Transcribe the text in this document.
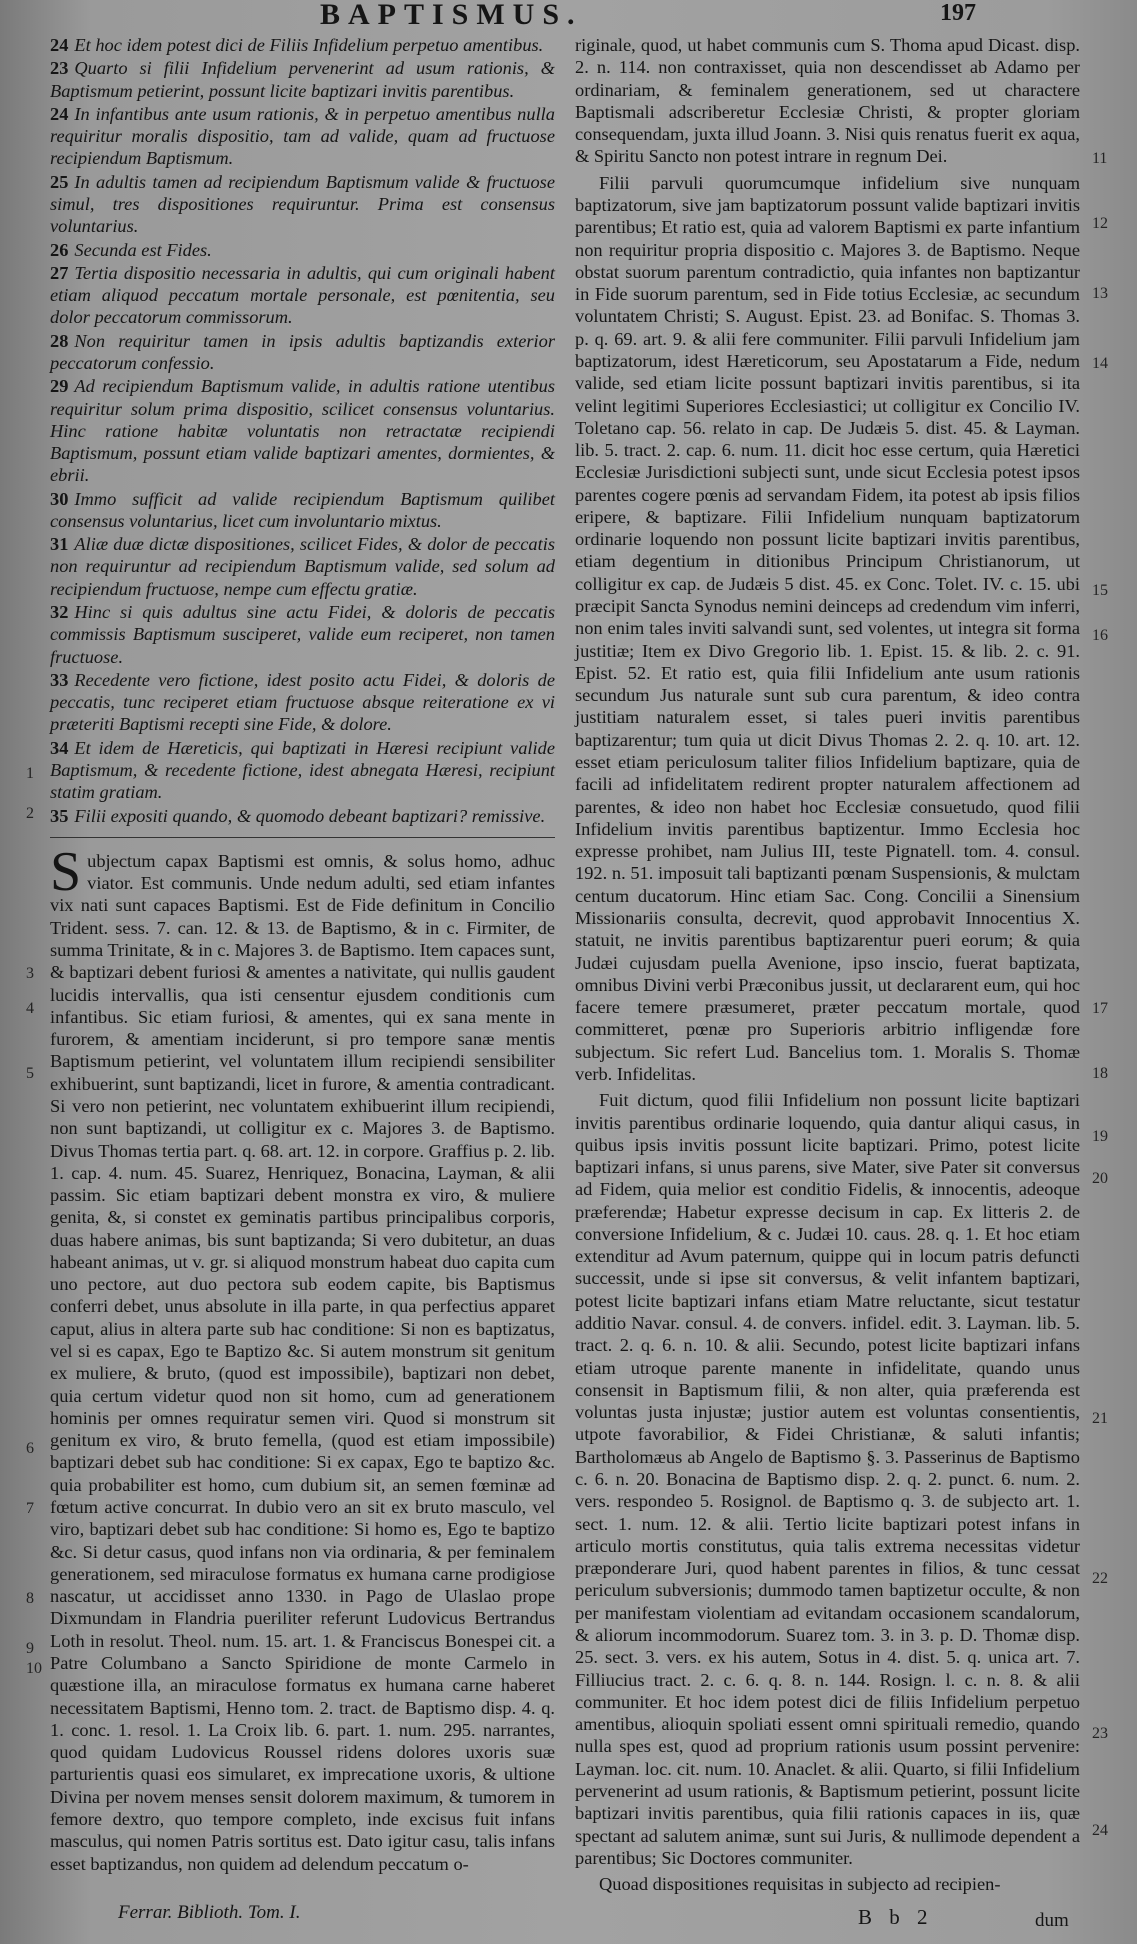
BAPTISMUS.	197

24 Et hoc idem potest dici de Filiis Infidelium perpetuo amentibus.

23 Quarto si filii Infidelium pervenerint ad usum rationis, & Baptismum petierint, possunt licite baptizari invitis parentibus.

24 In infantibus ante usum rationis, & in perpetuo amentibus nulla requiritur moralis dispositio, tam ad valide, quam ad fructuose recipiendum Baptismum.

25 In adultis tamen ad recipiendum Baptismum valide & fructuose simul, tres dispositiones requiruntur. Prima est consensus voluntarius.

26 Secunda est Fides.

27 Tertia dispositio necessaria in adultis, qui cum originali habent etiam aliquod peccatum mortale personale, est pœnitentia, seu dolor peccatorum commissorum.

28 Non requiritur tamen in ipsis adultis baptizandis exterior peccatorum confessio.

29 Ad recipiendum Baptismum valide, in adultis ratione utentibus requiritur solum prima dispositio, scilicet consensus voluntarius. Hinc ratione habitæ voluntatis non retractatæ recipiendi Baptismum, possunt etiam valide baptizari amentes, dormientes, & ebrii.

30 Immo sufficit ad valide recipiendum Baptismum quilibet consensus voluntarius, licet cum involuntario mixtus.

31 Aliæ duæ dictæ dispositiones, scilicet Fides, & dolor de peccatis non requiruntur ad recipiendum Baptismum valide, sed solum ad recipiendum fructuose, nempe cum effectu gratiæ.

32 Hinc si quis adultus sine actu Fidei, & doloris de peccatis commissis Baptismum susciperet, valide eum reciperet, non tamen fructuose.

33 Recedente vero fictione, idest posito actu Fidei, & doloris de peccatis, tunc reciperet etiam fructuose absque reiteratione ex vi præteriti Baptismi recepti sine Fide, & dolore.

34 Et idem de Hæreticis, qui baptizati in Hæresi recipiunt valide Baptismum, & recedente fictione, idest abnegata Hæresi, recipiunt statim gratiam.

35 Filii expositi quando, & quomodo debeant baptizari? remissive.

Subjectum capax Baptismi est omnis, & solus homo, adhuc viator. Est communis. Unde nedum adulti, sed etiam infantes vix nati sunt capaces Baptismi. Est de Fide definitum in Concilio Trident. sess. 7. can. 12. & 13. de Baptismo, & in c. Firmiter, de summa Trinitate, & in c. Majores 3. de Baptismo. Item capaces sunt, & baptizari debent furiosi & amentes a nativitate, qui nullis gaudent lucidis intervallis, qua isti censentur ejusdem conditionis cum infantibus. Sic etiam furiosi, & amentes, qui ex sana mente in furorem, & amentiam inciderunt, si pro tempore sanæ mentis Baptismum petierint, vel voluntatem illum recipiendi sensibiliter exhibuerint, sunt baptizandi, licet in furore, & amentia contradicant. Si vero non petierint, nec voluntatem exhibuerint illum recipiendi, non sunt baptizandi, ut colligitur ex c. Majores 3. de Baptismo. Divus Thomas tertia part. q. 68. art. 12. in corpore. Graffius p. 2. lib. 1. cap. 4. num. 45. Suarez, Henriquez, Bonacina, Layman, & alii passim. Sic etiam baptizari debent monstra ex viro, & muliere genita, &, si constet ex geminatis partibus principalibus corporis, duas habere animas, bis sunt baptizanda; Si vero dubitetur, an duas habeant animas, ut v. gr. si aliquod monstrum habeat duo capita cum uno pectore, aut duo pectora sub eodem capite, bis Baptismus conferri debet, unus absolute in illa parte, in qua perfectius apparet caput, alius in altera parte sub hac conditione: Si non es baptizatus, vel si es capax, Ego te Baptizo &c. Si autem monstrum sit genitum ex muliere, & bruto, (quod est impossibile), baptizari non debet, quia certum videtur quod non sit homo, cum ad generationem hominis per omnes requiratur semen viri. Quod si monstrum sit genitum ex viro, & bruto femella, (quod est etiam impossibile) baptizari debet sub hac conditione: Si ex capax, Ego te baptizo &c. quia probabiliter est homo, cum dubium sit, an semen fœminæ ad fœtum active concurrat. In dubio vero an sit ex bruto masculo, vel viro, baptizari debet sub hac conditione: Si homo es, Ego te baptizo &c. Si detur casus, quod infans non via ordinaria, & per feminalem generationem, sed miraculose formatus ex humana carne prodigiose nascatur, ut accidisset anno 1330. in Pago de Ulaslao prope Dixmundam in Flandria pueriliter referunt Ludovicus Bertrandus Loth in resolut. Theol. num. 15. art. 1. & Franciscus Bonespei cit. a Patre Columbano a Sancto Spiridione de monte Carmelo in quæstione illa, an miraculose formatus ex humana carne haberet necessitatem Baptismi, Henno tom. 2. tract. de Baptismo disp. 4. q. 1. conc. 1. resol. 1. La Croix lib. 6. part. 1. num. 295. narrantes, quod quidam Ludovicus Roussel ridens dolores uxoris suæ parturientis quasi eos simularet, ex imprecatione uxoris, & ultione Divina per novem menses sensit dolorem maximum, & tumorem in femore dextro, quo tempore completo, inde excisus fuit infans masculus, qui nomen Patris sortitus est. Dato igitur casu, talis infans esset baptizandus, non quidem ad delendum peccatum o-

riginale, quod, ut habet communis cum S. Thoma apud Dicast. disp. 2. n. 114. non contraxisset, quia non descendisset ab Adamo per ordinariam, & feminalem generationem, sed ut charactere Baptismali adscriberetur Ecclesiæ Christi, & propter gloriam consequendam, juxta illud Joann. 3. Nisi quis renatus fuerit ex aqua, & Spiritu Sancto non potest intrare in regnum Dei.

Filii parvuli quorumcumque infidelium sive nunquam baptizatorum, sive jam baptizatorum possunt valide baptizari invitis parentibus; Et ratio est, quia ad valorem Baptismi ex parte infantium non requiritur propria dispositio c. Majores 3. de Baptismo. Neque obstat suorum parentum contradictio, quia infantes non baptizantur in Fide suorum parentum, sed in Fide totius Ecclesiæ, ac secundum voluntatem Christi; S. August. Epist. 23. ad Bonifac. S. Thomas 3. p. q. 69. art. 9. & alii fere communiter. Filii parvuli Infidelium jam baptizatorum, idest Hæreticorum, seu Apostatarum a Fide, nedum valide, sed etiam licite possunt baptizari invitis parentibus, si ita velint legitimi Superiores Ecclesiastici; ut colligitur ex Concilio IV. Toletano cap. 56. relato in cap. De Judæis 5. dist. 45. & Layman. lib. 5. tract. 2. cap. 6. num. 11. dicit hoc esse certum, quia Hæretici Ecclesiæ Jurisdictioni subjecti sunt, unde sicut Ecclesia potest ipsos parentes cogere pœnis ad servandam Fidem, ita potest ab ipsis filios eripere, & baptizare. Filii Infidelium nunquam baptizatorum ordinarie loquendo non possunt licite baptizari invitis parentibus, etiam degentium in ditionibus Principum Christianorum, ut colligitur ex cap. de Judæis 5 dist. 45. ex Conc. Tolet. IV. c. 15. ubi præcipit Sancta Synodus nemini deinceps ad credendum vim inferri, non enim tales inviti salvandi sunt, sed volentes, ut integra sit forma justitiæ; Item ex Divo Gregorio lib. 1. Epist. 15. & lib. 2. c. 91. Epist. 52. Et ratio est, quia filii Infidelium ante usum rationis secundum Jus naturale sunt sub cura parentum, & ideo contra justitiam naturalem esset, si tales pueri invitis parentibus baptizarentur; tum quia ut dicit Divus Thomas 2. 2. q. 10. art. 12. esset etiam periculosum taliter filios Infidelium baptizare, quia de facili ad infidelitatem redirent propter naturalem affectionem ad parentes, & ideo non habet hoc Ecclesiæ consuetudo, quod filii Infidelium invitis parentibus baptizentur. Immo Ecclesia hoc expresse prohibet, nam Julius III, teste Pignatell. tom. 4. consul. 192. n. 51. imposuit tali baptizanti pœnam Suspensionis, & mulctam centum ducatorum. Hinc etiam Sac. Cong. Concilii a Sinensium Missionariis consulta, decrevit, quod approbavit Innocentius X. statuit, ne invitis parentibus baptizarentur pueri eorum; & quia Judæi cujusdam puella Avenione, ipso inscio, fuerat baptizata, omnibus Divini verbi Præconibus jussit, ut declararent eum, qui hoc facere temere præsumeret, præter peccatum mortale, quod committeret, pœnæ pro Superioris arbitrio infligendæ fore subjectum. Sic refert Lud. Bancelius tom. 1. Moralis S. Thomæ verb. Infidelitas.

Fuit dictum, quod filii Infidelium non possunt licite baptizari invitis parentibus ordinarie loquendo, quia dantur aliqui casus, in quibus ipsis invitis possunt licite baptizari. Primo, potest licite baptizari infans, si unus parens, sive Mater, sive Pater sit conversus ad Fidem, quia melior est conditio Fidelis, & innocentis, adeoque præferendæ; Habetur expresse decisum in cap. Ex litteris 2. de conversione Infidelium, & c. Judæi 10. caus. 28. q. 1. Et hoc etiam extenditur ad Avum paternum, quippe qui in locum patris defuncti successit, unde si ipse sit conversus, & velit infantem baptizari, potest licite baptizari infans etiam Matre reluctante, sicut testatur additio Navar. consul. 4. de convers. infidel. edit. 3. Layman. lib. 5. tract. 2. q. 6. n. 10. & alii. Secundo, potest licite baptizari infans etiam utroque parente manente in infidelitate, quando unus consensit in Baptismum filii, & non alter, quia præferenda est voluntas justa injustæ; justior autem est voluntas consentientis, utpote favorabilior, & Fidei Christianæ, & saluti infantis; Bartholomæus ab Angelo de Baptismo §. 3. Passerinus de Baptismo c. 6. n. 20. Bonacina de Baptismo disp. 2. q. 2. punct. 6. num. 2. vers. respondeo 5. Rosignol. de Baptismo q. 3. de subjecto art. 1. sect. 1. num. 12. & alii. Tertio licite baptizari potest infans in articulo mortis constitutus, quia talis extrema necessitas videtur præponderare Juri, quod habent parentes in filios, & tunc cessat periculum subversionis; dummodo tamen baptizetur occulte, & non per manifestam violentiam ad evitandam occasionem scandalorum, & aliorum incommodorum. Suarez tom. 3. in 3. p. D. Thomæ disp. 25. sect. 3. vers. ex his autem, Sotus in 4. dist. 5. q. unica art. 7. Filliucius tract. 2. c. 6. q. 8. n. 144. Rosign. l. c. n. 8. & alii communiter. Et hoc idem potest dici de filiis Infidelium perpetuo amentibus, alioquin spoliati essent omni spirituali remedio, quando nulla spes est, quod ad proprium rationis usum possint pervenire: Layman. loc. cit. num. 10. Anaclet. & alii. Quarto, si filii Infidelium pervenerint ad usum rationis, & Baptismum petierint, possunt licite baptizari invitis parentibus, quia filii rationis capaces in iis, quæ spectant ad salutem animæ, sunt sui Juris, & nullimode dependent a parentibus; Sic Doctores communiter.

Quoad dispositiones requisitas in subjecto ad recipien-

1
2
3
4
5
6
7
8
9
10
11
12
13
14
15
16
17
18
19
20
21
22
23
24
Ferrar. Biblioth. Tom. I.	B b 2	dum
